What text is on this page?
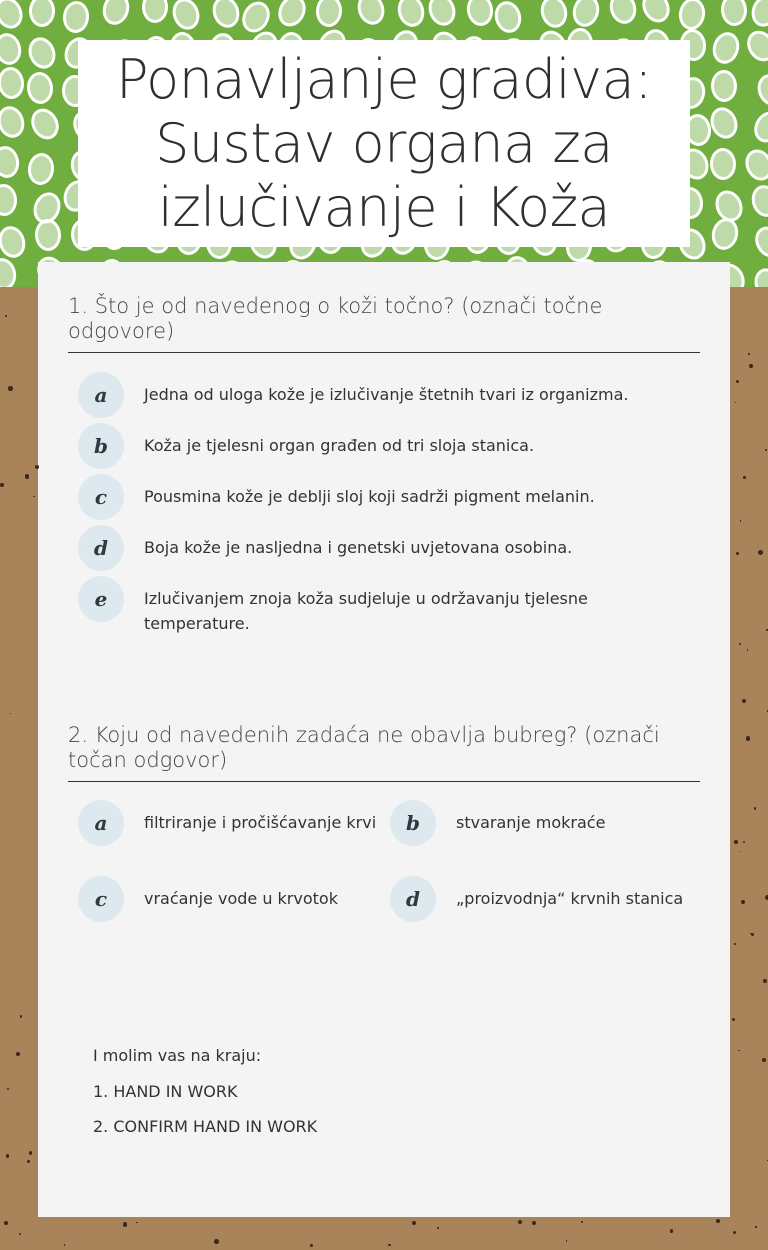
Ponavljanje gradiva: Sustav organa za izlučivanje i Koža
1. Što je od navedenog o koži točno? (označi točne odgovore)
a	Jedna od uloga kože je izlučivanje štetnih tvari iz organizma.
b	Koža je tjelesni organ građen od tri sloja stanica.
c	Pousmina kože je deblji sloj koji sadrži pigment melanin.
d	Boja kože je nasljedna i genetski uvjetovana osobina.
e	Izlučivanjem znoja koža sudjeluje u održavanju tjelesne temperature.
2. Koju od navedenih zadaća ne obavlja bubreg? (označi točan odgovor)
a	filtriranje i pročišćavanje krvi	b	stvaranje mokraće
c	vraćanje vode u krvotok	d	„proizvodnja“ krvnih stanica
I molim vas na kraju:
1. HAND IN WORK
2. CONFIRM HAND IN WORK
